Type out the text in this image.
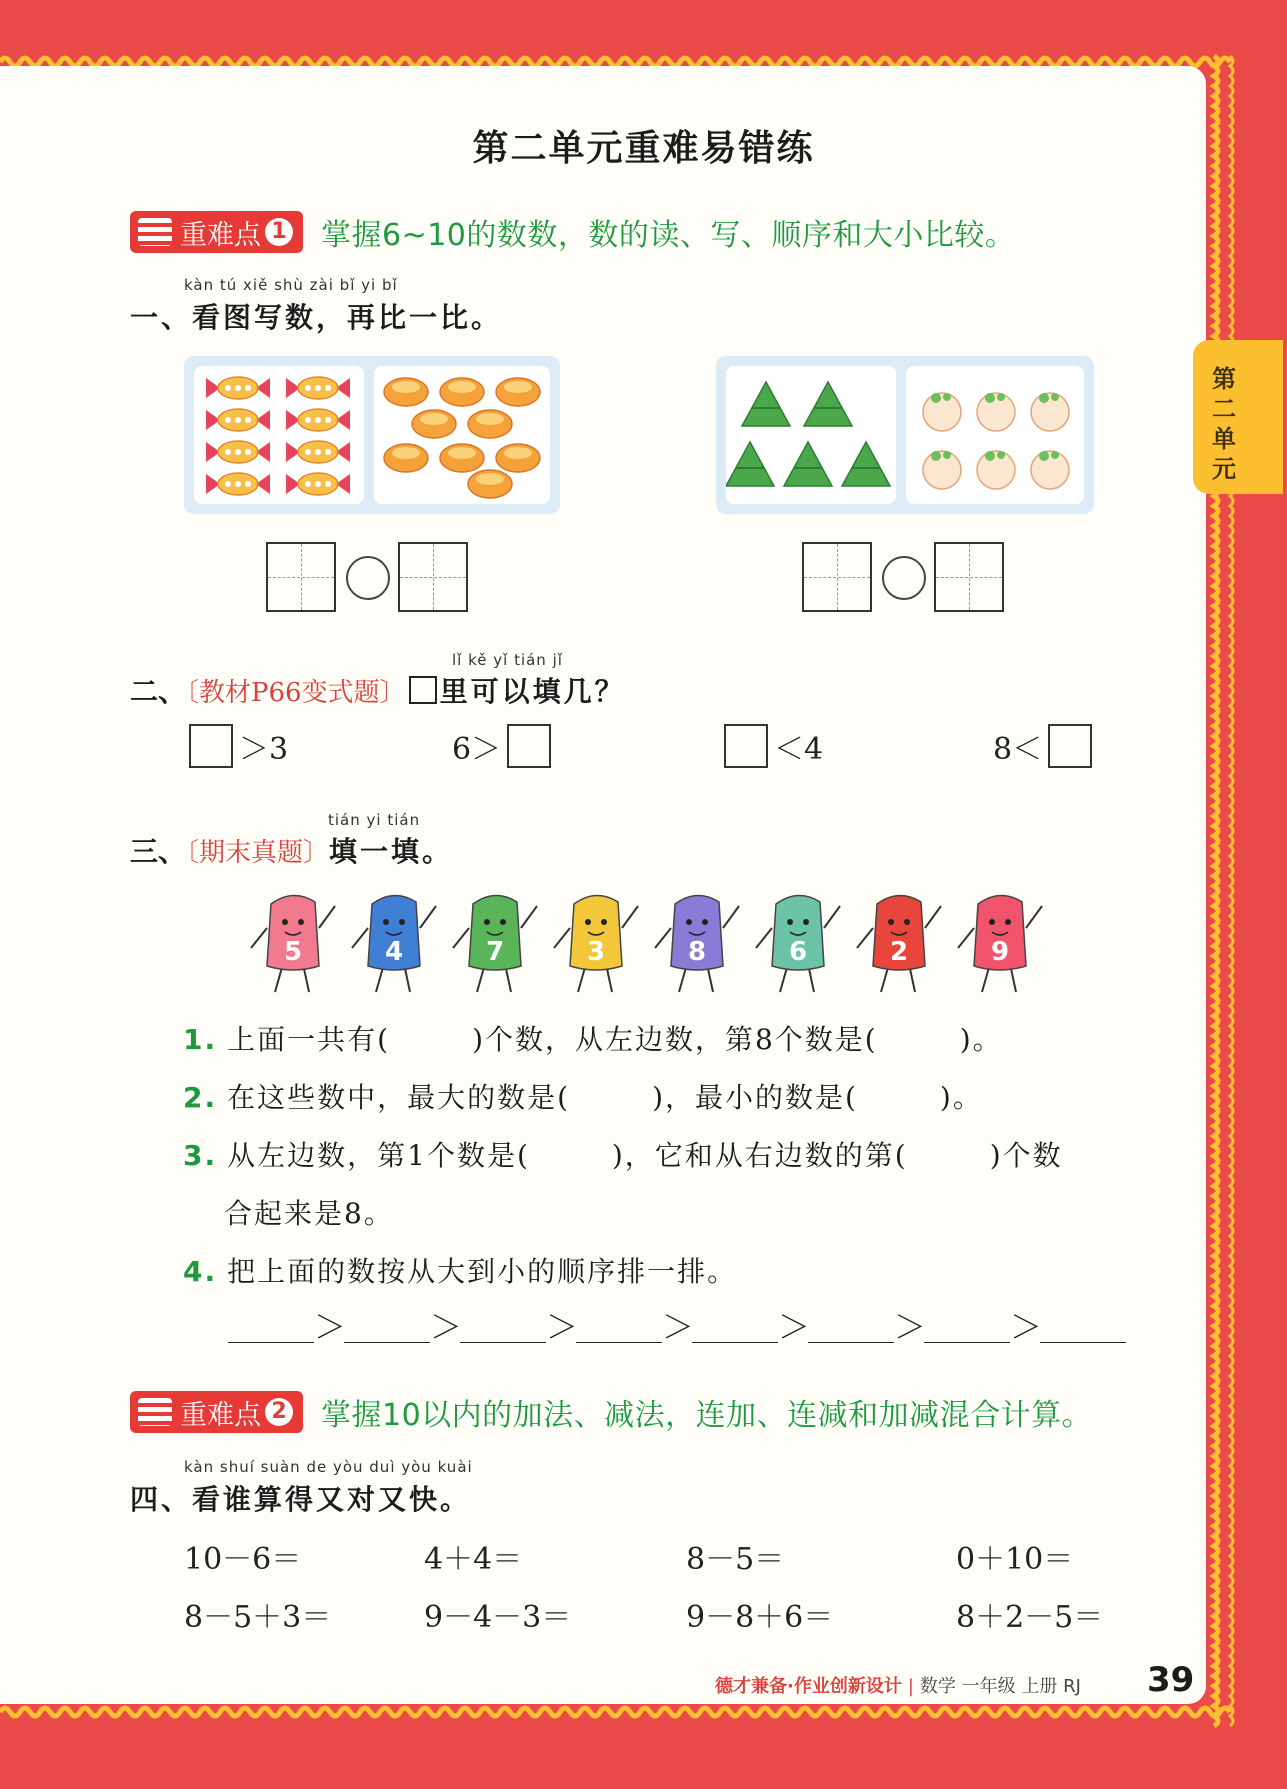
第二单元重难易错练
第二单元
重难点 1 掌握6~10的数数，数的读、写、顺序和大小比较。
kàn tú xiě shù zài bǐ yi bǐ
一、看图写数，再比一比。
lǐ kě yǐ tián jǐ
二、〔教材P66变式题〕 里可以填几？
＞3	6＞	＜4	8＜
tián yi tián
三、〔期末真题〕填一填。
5	4	7	3	8	6	2	9
1. 上面一共有(	)个数，从左边数，第8个数是(	)。
2. 在这些数中，最大的数是(	)，最小的数是(	)。
3. 从左边数，第1个数是(	)，它和从右边数的第(	)个数
合起来是8。
4. 把上面的数按从大到小的顺序排一排。
＞	＞	＞	＞	＞	＞	＞
重难点 2 掌握10以内的加法、减法，连加、连减和加减混合计算。
kàn shuí suàn de yòu duì yòu kuài
四、看谁算得又对又快。
10－6＝	4＋4＝	8－5＝	0＋10＝
8－5＋3＝	9－4－3＝	9－8＋6＝	8＋2－5＝
德才兼备·作业创新设计 | 数学 一年级 上册 RJ 39
